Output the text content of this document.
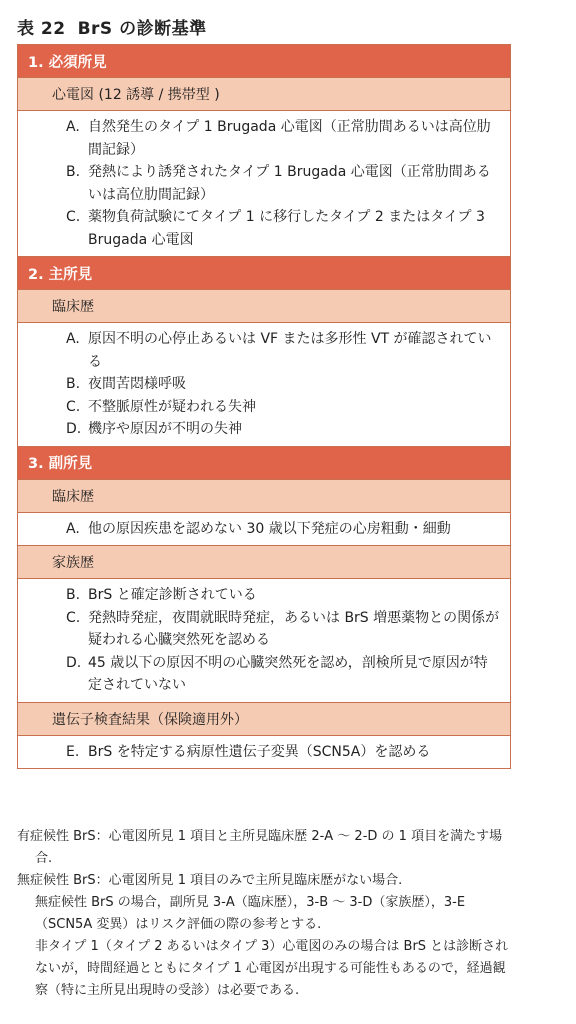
表 22 BrS の診断基準
1. 必須所見
心電図 (12 誘導 / 携帯型 )

A. 自然発生のタイプ 1 Brugada 心電図（正常肋間あるいは高位肋間記録）
B. 発熱により誘発されたタイプ 1 Brugada 心電図（正常肋間あるいは高位肋間記録）
C. 薬物負荷試験にてタイプ 1 に移行したタイプ 2 またはタイプ 3 Brugada 心電図

2. 主所見
臨床歴

A. 原因不明の心停止あるいは VF または多形性 VT が確認されている
B. 夜間苦悶様呼吸
C. 不整脈原性が疑われる失神
D. 機序や原因が不明の失神

3. 副所見
臨床歴

A. 他の原因疾患を認めない 30 歳以下発症の心房粗動・細動

家族歴

B. BrS と確定診断されている
C. 発熱時発症，夜間就眠時発症，あるいは BrS 増悪薬物との関係が疑われる心臓突然死を認める
D. 45 歳以下の原因不明の心臓突然死を認め，剖検所見で原因が特定されていない

遺伝子検査結果（保険適用外）

E. BrS を特定する病原性遺伝子変異（SCN5A）を認める
有症候性 BrS：心電図所見 1 項目と主所見臨床歴 2-A ～ 2-D の 1 項目を満たす場合.
無症候性 BrS：心電図所見 1 項目のみで主所見臨床歴がない場合.
無症候性 BrS の場合，副所見 3-A（臨床歴），3-B ～ 3-D（家族歴），3-E（SCN5A 変異）はリスク評価の際の参考とする.
非タイプ 1（タイプ 2 あるいはタイプ 3）心電図のみの場合は BrS とは診断されないが，時間経過とともにタイプ 1 心電図が出現する可能性もあるので，経過観察（特に主所見出現時の受診）は必要である.
